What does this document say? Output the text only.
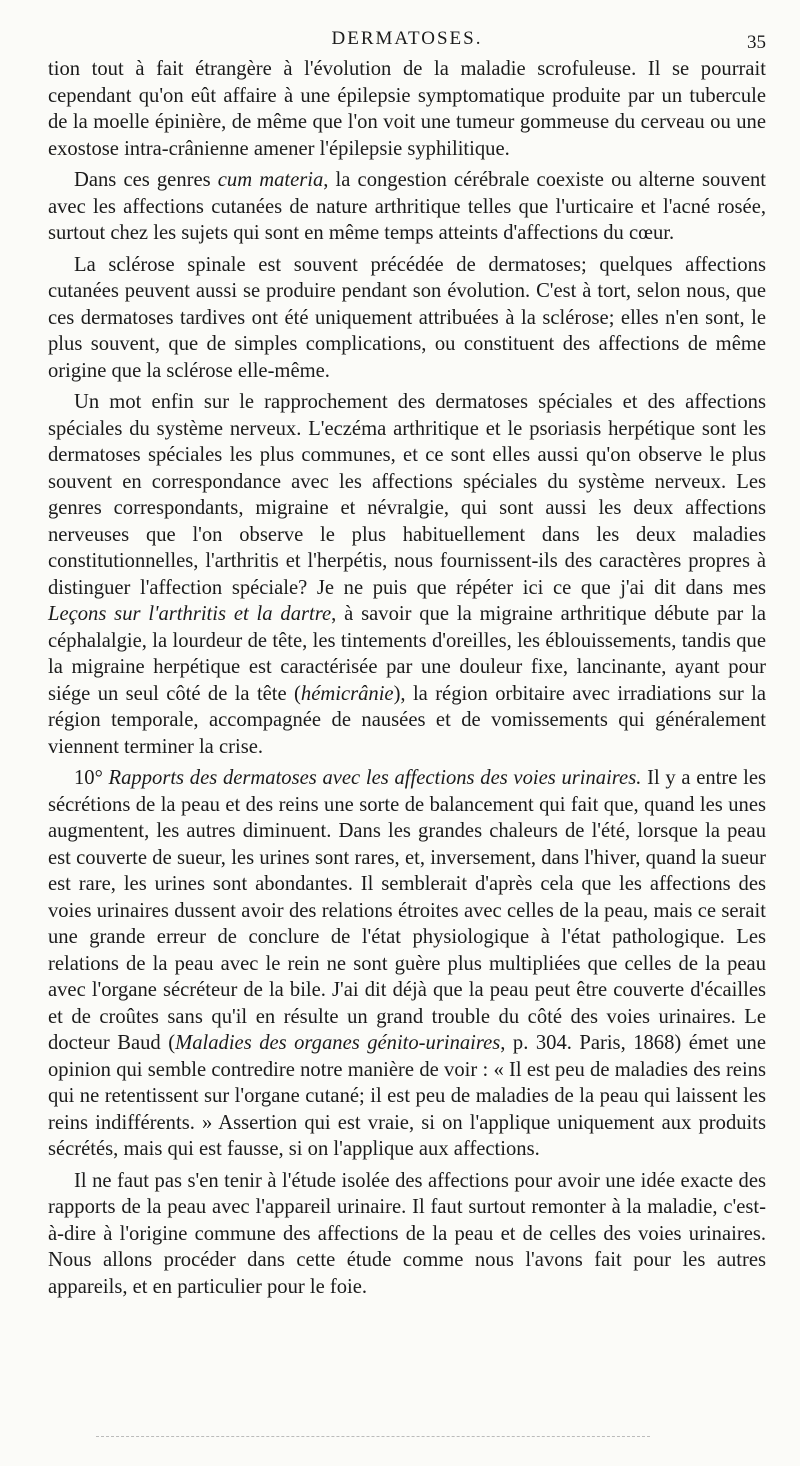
DERMATOSES.	35

tion tout à fait étrangère à l'évolution de la maladie scrofuleuse. Il se pourrait cependant qu'on eût affaire à une épilepsie symptomatique produite par un tubercule de la moelle épinière, de même que l'on voit une tumeur gommeuse du cerveau ou une exostose intra-crânienne amener l'épilepsie syphilitique.

Dans ces genres cum materia, la congestion cérébrale coexiste ou alterne souvent avec les affections cutanées de nature arthritique telles que l'urticaire et l'acné rosée, surtout chez les sujets qui sont en même temps atteints d'affections du cœur.

La sclérose spinale est souvent précédée de dermatoses; quelques affections cutanées peuvent aussi se produire pendant son évolution. C'est à tort, selon nous, que ces dermatoses tardives ont été uniquement attribuées à la sclérose; elles n'en sont, le plus souvent, que de simples complications, ou constituent des affections de même origine que la sclérose elle-même.

Un mot enfin sur le rapprochement des dermatoses spéciales et des affections spéciales du système nerveux. L'eczéma arthritique et le psoriasis herpétique sont les dermatoses spéciales les plus communes, et ce sont elles aussi qu'on observe le plus souvent en correspondance avec les affections spéciales du système nerveux. Les genres correspondants, migraine et névralgie, qui sont aussi les deux affections nerveuses que l'on observe le plus habituellement dans les deux maladies constitutionnelles, l'arthritis et l'herpétis, nous fournissent-ils des caractères propres à distinguer l'affection spéciale? Je ne puis que répéter ici ce que j'ai dit dans mes Leçons sur l'arthritis et la dartre, à savoir que la migraine arthritique débute par la céphalalgie, la lourdeur de tête, les tintements d'oreilles, les éblouissements, tandis que la migraine herpétique est caractérisée par une douleur fixe, lancinante, ayant pour siége un seul côté de la tête (hémicrânie), la région orbitaire avec irradiations sur la région temporale, accompagnée de nausées et de vomissements qui généralement viennent terminer la crise.

10° Rapports des dermatoses avec les affections des voies urinaires. Il y a entre les sécrétions de la peau et des reins une sorte de balancement qui fait que, quand les unes augmentent, les autres diminuent. Dans les grandes chaleurs de l'été, lorsque la peau est couverte de sueur, les urines sont rares, et, inversement, dans l'hiver, quand la sueur est rare, les urines sont abondantes. Il semblerait d'après cela que les affections des voies urinaires dussent avoir des relations étroites avec celles de la peau, mais ce serait une grande erreur de conclure de l'état physiologique à l'état pathologique. Les relations de la peau avec le rein ne sont guère plus multipliées que celles de la peau avec l'organe sécréteur de la bile. J'ai dit déjà que la peau peut être couverte d'écailles et de croûtes sans qu'il en résulte un grand trouble du côté des voies urinaires. Le docteur Baud (Maladies des organes génito-urinaires, p. 304. Paris, 1868) émet une opinion qui semble contredire notre manière de voir : « Il est peu de maladies des reins qui ne retentissent sur l'organe cutané; il est peu de maladies de la peau qui laissent les reins indifférents. » Assertion qui est vraie, si on l'applique uniquement aux produits sécrétés, mais qui est fausse, si on l'applique aux affections.

Il ne faut pas s'en tenir à l'étude isolée des affections pour avoir une idée exacte des rapports de la peau avec l'appareil urinaire. Il faut surtout remonter à la maladie, c'est-à-dire à l'origine commune des affections de la peau et de celles des voies urinaires. Nous allons procéder dans cette étude comme nous l'avons fait pour les autres appareils, et en particulier pour le foie.
